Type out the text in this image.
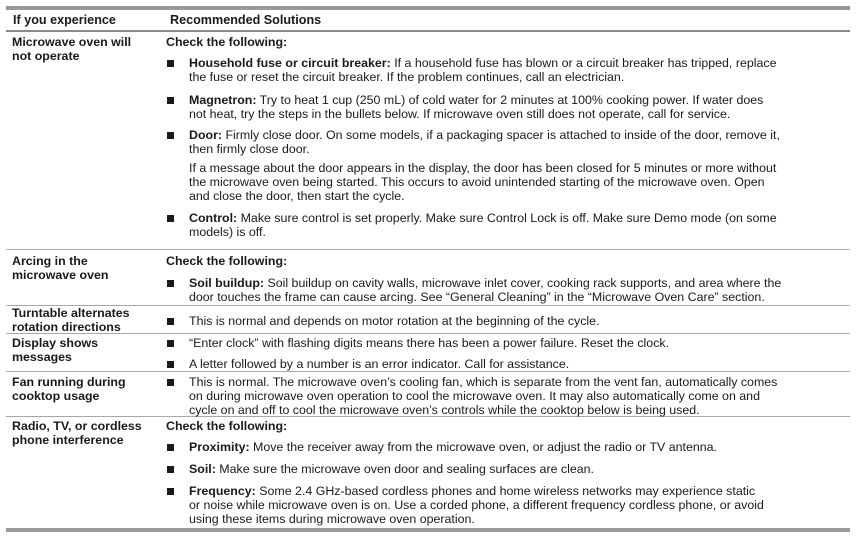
If you experience	Recommended Solutions
Microwave oven will
not operate
Check the following:
Household fuse or circuit breaker: If a household fuse has blown or a circuit breaker has tripped, replace
the fuse or reset the circuit breaker. If the problem continues, call an electrician.
Magnetron: Try to heat 1 cup (250 mL) of cold water for 2 minutes at 100% cooking power. If water does
not heat, try the steps in the bullets below. If microwave oven still does not operate, call for service.
Door: Firmly close door. On some models, if a packaging spacer is attached to inside of the door, remove it,
then firmly close door.
If a message about the door appears in the display, the door has been closed for 5 minutes or more without
the microwave oven being started. This occurs to avoid unintended starting of the microwave oven. Open
and close the door, then start the cycle.
Control: Make sure control is set properly. Make sure Control Lock is off. Make sure Demo mode (on some
models) is off.
Arcing in the
microwave oven
Check the following:
Soil buildup: Soil buildup on cavity walls, microwave inlet cover, cooking rack supports, and area where the
door touches the frame can cause arcing. See “General Cleaning” in the “Microwave Oven Care” section.
Turntable alternates
rotation directions	This is normal and depends on motor rotation at the beginning of the cycle.
Display shows
messages
“Enter clock” with flashing digits means there has been a power failure. Reset the clock.
A letter followed by a number is an error indicator. Call for assistance.
Fan running during
cooktop usage
This is normal. The microwave oven’s cooling fan, which is separate from the vent fan, automatically comes
on during microwave oven operation to cool the microwave oven. It may also automatically come on and
cycle on and off to cool the microwave oven’s controls while the cooktop below is being used.
Radio, TV, or cordless
phone interference
Check the following:
Proximity: Move the receiver away from the microwave oven, or adjust the radio or TV antenna.
Soil: Make sure the microwave oven door and sealing surfaces are clean.
Frequency: Some 2.4 GHz-based cordless phones and home wireless networks may experience static
or noise while microwave oven is on. Use a corded phone, a different frequency cordless phone, or avoid
using these items during microwave oven operation.
